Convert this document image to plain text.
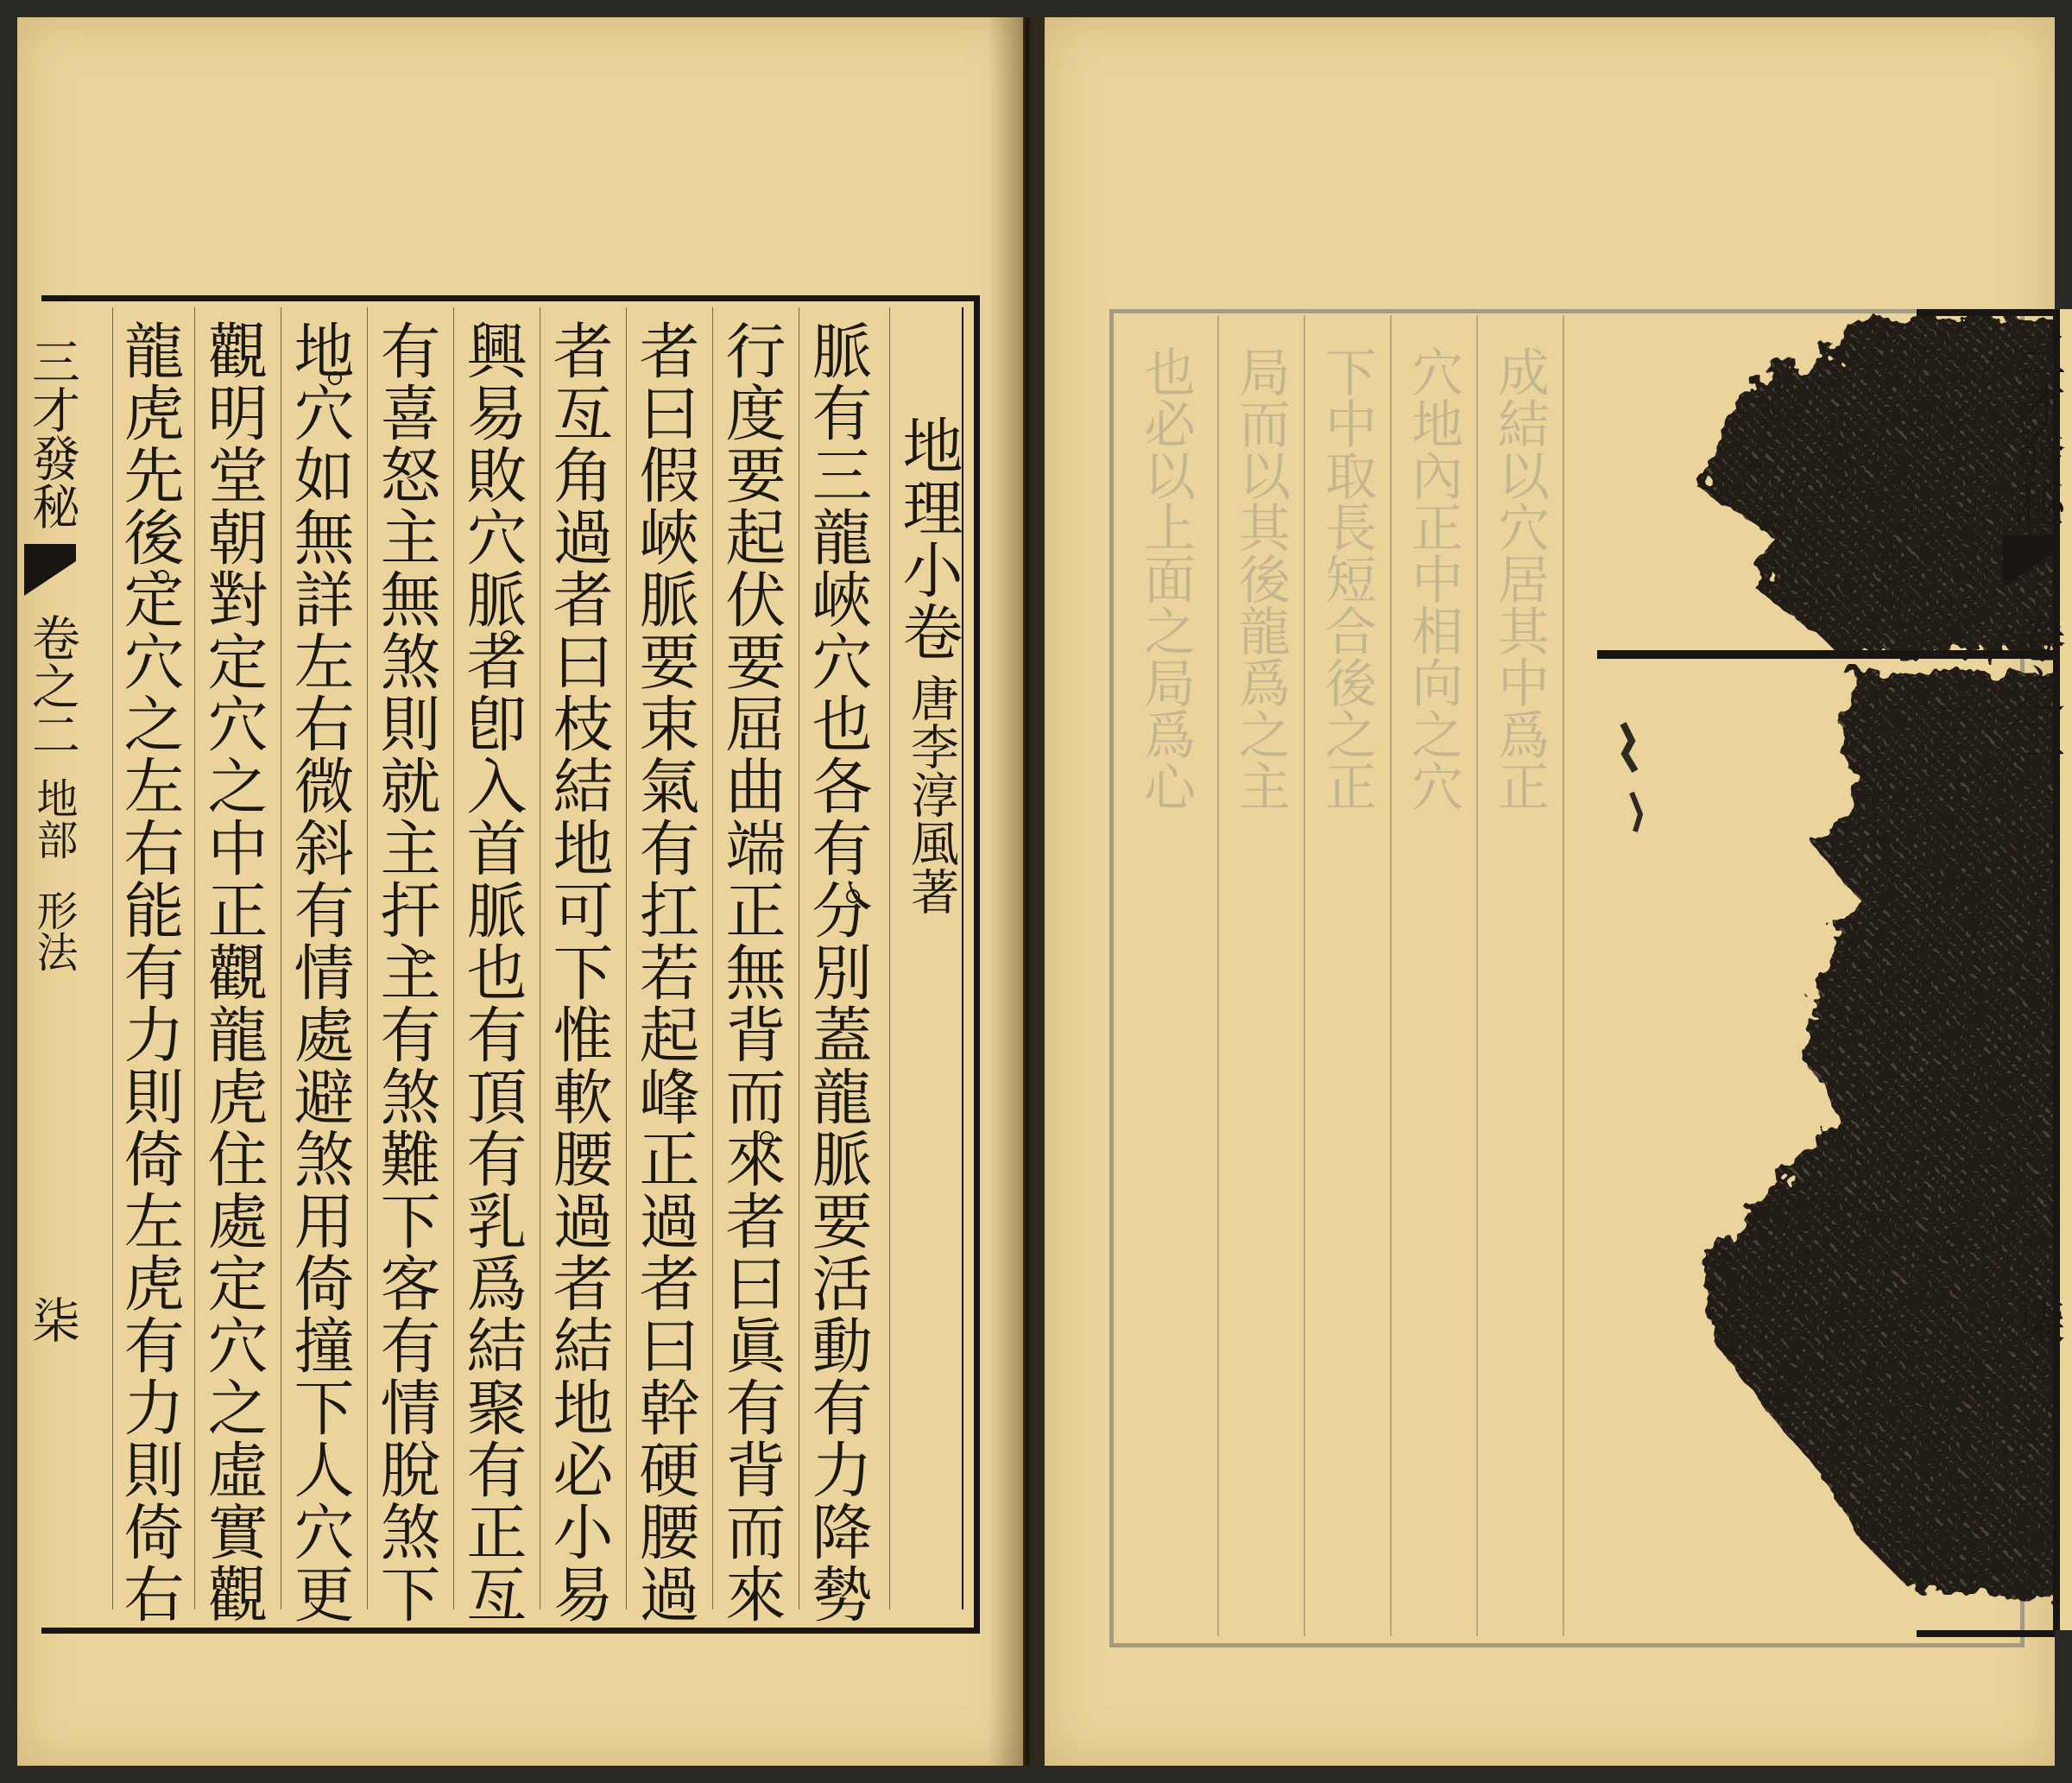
地理小卷
唐李淳風著
脈有三龍峽穴也各有分別蓋龍脈要活動有力降勢
行度要起伏要屈曲端正無背而來者曰眞有背而來
者曰假峽脈要束氣有扛若起峰正過者曰幹硬腰過
者亙角過者曰枝結地可下惟軟腰過者結地必小易
興易敗穴脈者卽入首脈也有頂有乳爲結聚有正亙
有喜怒主無煞則就主扞主有煞難下客有情脫煞下
地穴如無詳左右微斜有情處避煞用倚撞下人穴更
觀明堂朝對定穴之中正觀龍虎住處定穴之虛實觀
龍虎先後定穴之左右能有力則倚左虎有力則倚右
三才發秘
卷之二
地部
形法
柒
也必以上面之局爲心 局而以其後龍爲之主 下中取長短合後之正 穴地內正中相向之穴 成結以穴居其中爲正	三才發秘
卷之二
柒
